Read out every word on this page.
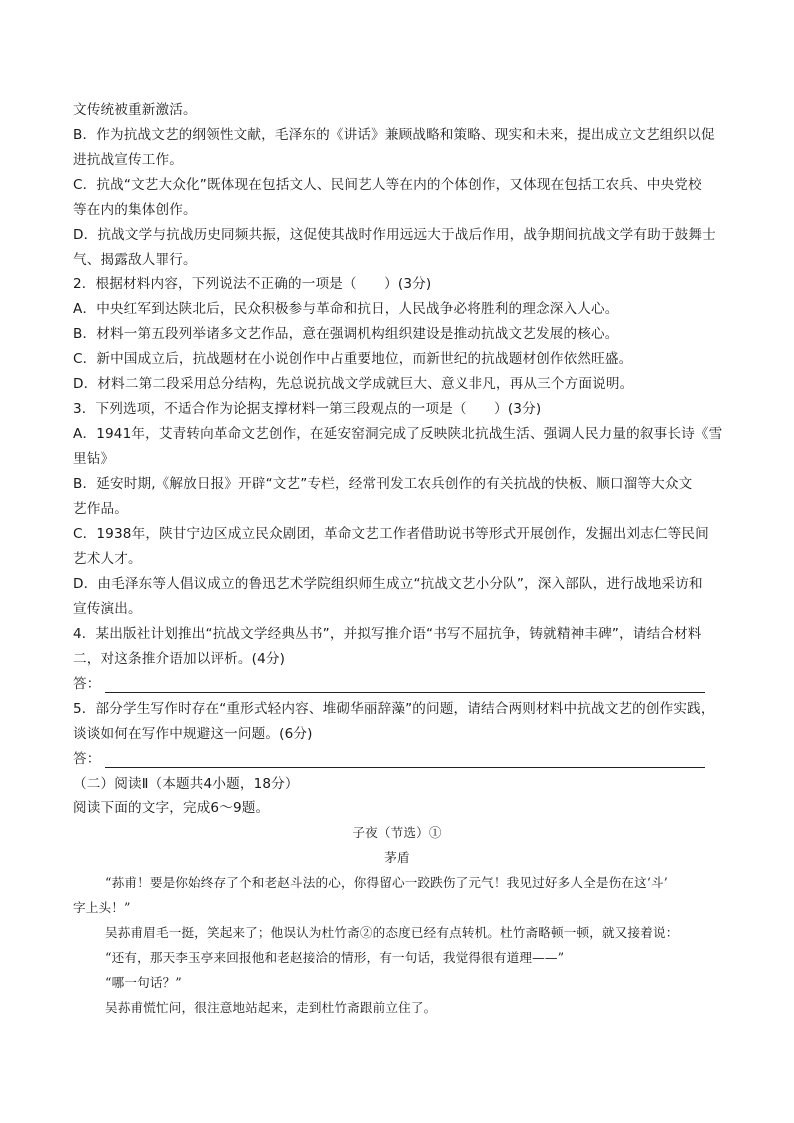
文传统被重新激活。
B．作为抗战文艺的纲领性文献，毛泽东的《讲话》兼顾战略和策略、现实和未来，提出成立文艺组织以促
进抗战宣传工作。
C．抗战“文艺大众化”既体现在包括文人、民间艺人等在内的个体创作，又体现在包括工农兵、中央党校
等在内的集体创作。
D．抗战文学与抗战历史同频共振，这促使其战时作用远远大于战后作用，战争期间抗战文学有助于鼓舞士
气、揭露敌人罪行。
2．根据材料内容，下列说法不正确的一项是（　　）(3分)
A．中央红军到达陕北后，民众积极参与革命和抗日，人民战争必将胜利的理念深入人心。
B．材料一第五段列举诸多文艺作品，意在强调机构组织建设是推动抗战文艺发展的核心。
C．新中国成立后，抗战题材在小说创作中占重要地位，而新世纪的抗战题材创作依然旺盛。
D．材料二第二段采用总分结构，先总说抗战文学成就巨大、意义非凡，再从三个方面说明。
3．下列选项，不适合作为论据支撑材料一第三段观点的一项是（　　）(3分)
A．1941年，艾青转向革命文艺创作，在延安窑洞完成了反映陕北抗战生活、强调人民力量的叙事长诗《雪
里钻》
B．延安时期,《解放日报》开辟“文艺”专栏，经常刊发工农兵创作的有关抗战的快板、顺口溜等大众文
艺作品。
C．1938年，陕甘宁边区成立民众剧团，革命文艺工作者借助说书等形式开展创作，发掘出刘志仁等民间
艺术人才。
D．由毛泽东等人倡议成立的鲁迅艺术学院组织师生成立“抗战文艺小分队”，深入部队，进行战地采访和
宣传演出。
4．某出版社计划推出“抗战文学经典丛书”，并拟写推介语“书写不屈抗争，铸就精神丰碑”，请结合材料
二，对这条推介语加以评析。(4分)
答：
5．部分学生写作时存在“重形式轻内容、堆砌华丽辞藻”的问题，请结合两则材料中抗战文艺的创作实践，
谈谈如何在写作中规避这一问题。(6分)
答：
（二）阅读Ⅱ（本题共4小题，18分）
阅读下面的文字，完成6～9题。
子夜（节选）①
茅盾
“荪甫！要是你始终存了个和老赵斗法的心，你得留心一跤跌伤了元气！我见过好多人全是伤在这‘斗’
字上头！”
吴荪甫眉毛一挺，笑起来了；他误认为杜竹斋②的态度已经有点转机。杜竹斋略顿一顿，就又接着说：
“还有，那天李玉亭来回报他和老赵接洽的情形，有一句话，我觉得很有道理——”
“哪一句话？”
吴荪甫慌忙问，很注意地站起来，走到杜竹斋跟前立住了。
